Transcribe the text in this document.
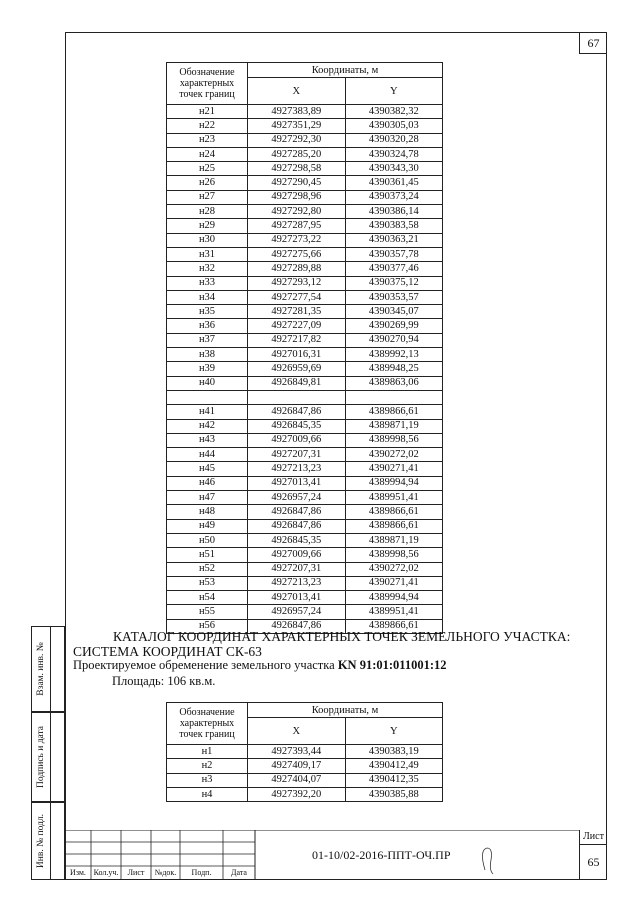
67
Обозначение характерных точек границ	Координаты, м	
	X	Y
н21	4927383,89	4390382,32
н22	4927351,29	4390305,03
н23	4927292,30	4390320,28
н24	4927285,20	4390324,78
н25	4927298,58	4390343,30
н26	4927290,45	4390361,45
н27	4927298,96	4390373,24
н28	4927292,80	4390386,14
н29	4927287,95	4390383,58
н30	4927273,22	4390363,21
н31	4927275,66	4390357,78
н32	4927289,88	4390377,46
н33	4927293,12	4390375,12
н34	4927277,54	4390353,57
н35	4927281,35	4390345,07
н36	4927227,09	4390269,99
н37	4927217,82	4390270,94
н38	4927016,31	4389992,13
н39	4926959,69	4389948,25
н40	4926849,81	4389863,06

н41	4926847,86	4389866,61
н42	4926845,35	4389871,19
н43	4927009,66	4389998,56
н44	4927207,31	4390272,02
н45	4927213,23	4390271,41
н46	4927013,41	4389994,94
н47	4926957,24	4389951,41
н48	4926847,86	4389866,61
н49	4926847,86	4389866,61
н50	4926845,35	4389871,19
н51	4927009,66	4389998,56
н52	4927207,31	4390272,02
н53	4927213,23	4390271,41
н54	4927013,41	4389994,94
н55	4926957,24	4389951,41
н56	4926847,86	4389866,61
КАТАЛОГ КООРДИНАТ ХАРАКТЕРНЫХ ТОЧЕК ЗЕМЕЛЬНОГО УЧАСТКА:
СИСТЕМА КООРДИНАТ СК-63
Проектируемое обременение земельного участка KN 91:01:011001:12
Площадь: 106 кв.м.
Обозначение характерных точек границ	Координаты, м	
	X	Y
н1	4927393,44	4390383,19
н2	4927409,17	4390412,49
н3	4927404,07	4390412,35
н4	4927392,20	4390385,88
Взам. инв. №
Подпись и дата
Инв. № подл.
Изм. Кол.уч.	Лист	№док.	Подп.	Дата
01-10/02-2016-ППТ-ОЧ.ПР
Лист
65
